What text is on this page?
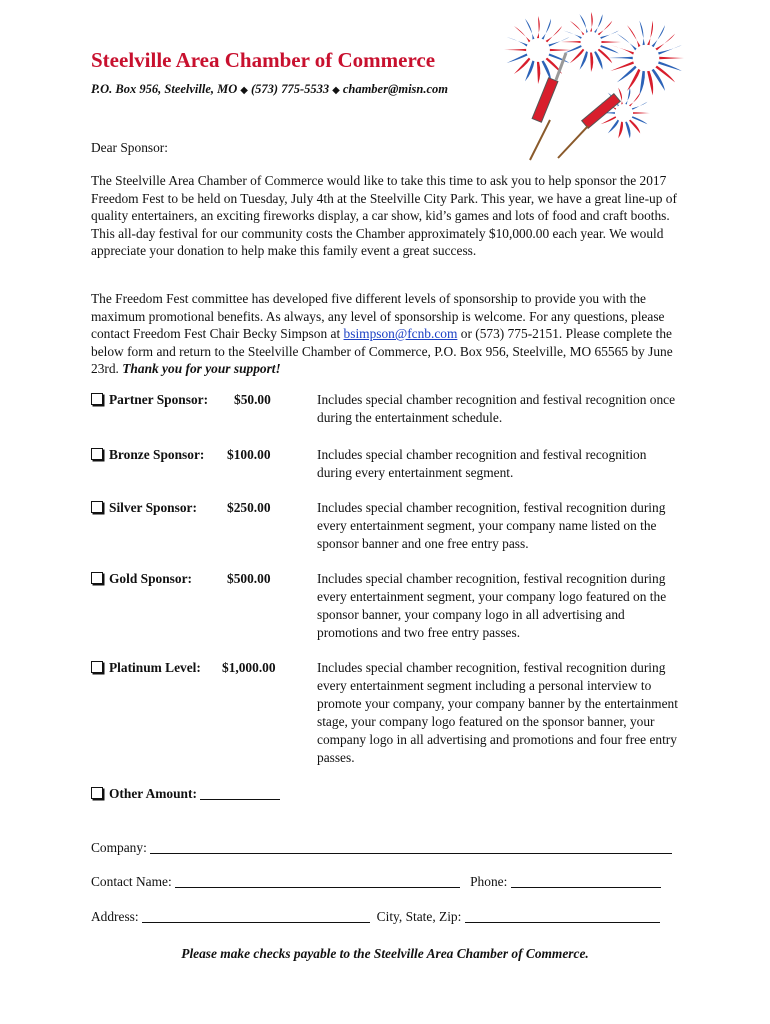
Steelville Area Chamber of Commerce
P.O. Box 956, Steelville, MO ◆ (573) 775-5533 ◆ chamber@misn.com
Dear Sponsor:
The Steelville Area Chamber of Commerce would like to take this time to ask you to help sponsor the 2017 Freedom Fest to be held on Tuesday, July 4th at the Steelville City Park. This year, we have a great line-up of quality entertainers, an exciting fireworks display, a car show, kid’s games and lots of food and craft booths. This all-day festival for our community costs the Chamber approximately $10,000.00 each year. We would appreciate your donation to help make this family event a great success.
The Freedom Fest committee has developed five different levels of sponsorship to provide you with the maximum promotional benefits. As always, any level of sponsorship is welcome. For any questions, please contact Freedom Fest Chair Becky Simpson at bsimpson@fcnb.com or (573) 775-2151. Please complete the below form and return to the Steelville Chamber of Commerce, P.O. Box 956, Steelville, MO 65565 by June 23rd. Thank you for your support!
Partner Sponsor: $50.00	Includes special chamber recognition and festival recognition once during the entertainment schedule.
Bronze Sponsor: $100.00	Includes special chamber recognition and festival recognition during every entertainment segment.
Silver Sponsor: $250.00	Includes special chamber recognition, festival recognition during every entertainment segment, your company name listed on the sponsor banner and one free entry pass.
Gold Sponsor:	$500.00	Includes special chamber recognition, festival recognition during every entertainment segment, your company logo featured on the sponsor banner, your company logo in all advertising and promotions and two free entry passes.
Platinum Level: $1,000.00	Includes special chamber recognition, festival recognition during every entertainment segment including a personal interview to promote your company, your company banner by the entertainment stage, your company logo featured on the sponsor banner, your company logo in all advertising and promotions and four free entry passes.
Other Amount:
Company:
Contact Name:	Phone:
Address:	City, State, Zip:
Please make checks payable to the Steelville Area Chamber of Commerce.
